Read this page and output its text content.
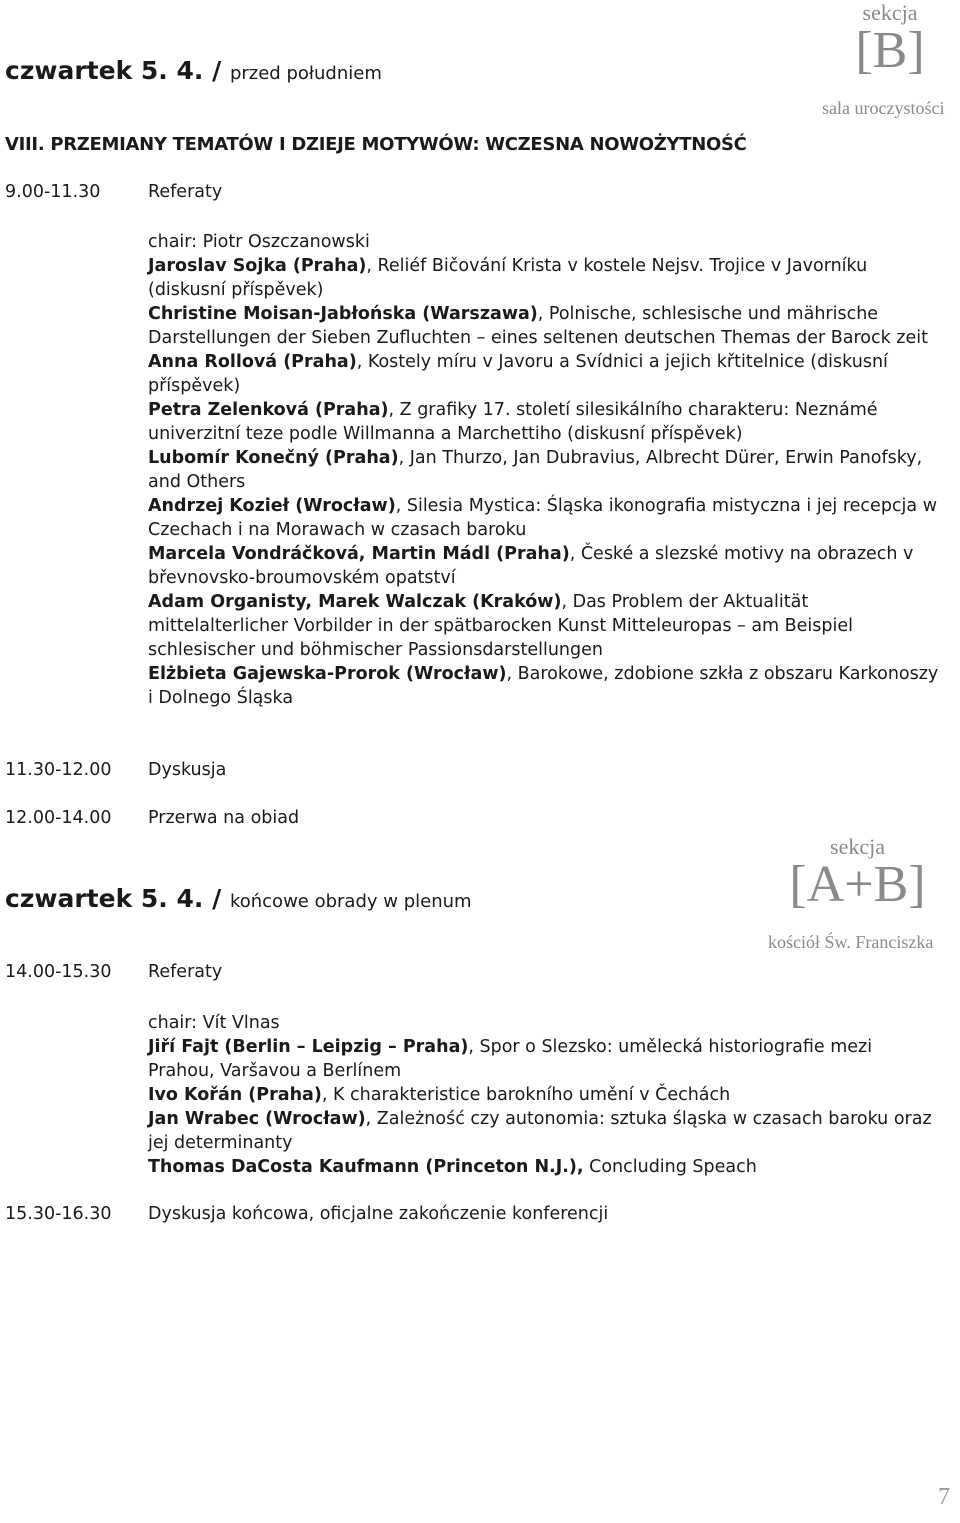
czwartek 5. 4. / przed południem
sekcja
[B]
sala uroczystości
VIII. PRZEMIANY TEMATÓW I DZIEJE MOTYWÓW: WCZESNA NOWOŻYTNOŚĆ
9.00-11.30	Referaty

chair: Piotr Oszczanowski

Jaroslav Sojka (Praha), Reliéf Bičování Krista v kostele Nejsv. Trojice v Javorníku (diskusní příspěvek)

Christine Moisan-Jabłońska (Warszawa), Polnische, schlesische und mährische Darstellungen der Sieben Zufluchten – eines seltenen deutschen Themas der Barock zeit

Anna Rollová (Praha), Kostely míru v Javoru a Svídnici a jejich křtitelnice (diskusní příspěvek)

Petra Zelenková (Praha), Z grafiky 17. století silesikálního charakteru: Neznámé univerzitní teze podle Willmanna a Marchettiho (diskusní příspěvek)

Lubomír Konečný (Praha), Jan Thurzo, Jan Dubravius, Albrecht Dürer, Erwin Panofsky, and Others

Andrzej Kozieł (Wrocław), Silesia Mystica: Śląska ikonografia mistyczna i jej recepcja w Czechach i na Morawach w czasach baroku

Marcela Vondráčková, Martin Mádl (Praha), České a slezské motivy na obrazech v břevnovsko-broumovském opatství

Adam Organisty, Marek Walczak (Kraków), Das Problem der Aktualität mittelalterlicher Vorbilder in der spätbarocken Kunst Mitteleuropas – am Beispiel schlesischer und böhmischer Passionsdarstellungen

Elżbieta Gajewska-Prorok (Wrocław), Barokowe, zdobione szkła z obszaru Karkonoszy i Dolnego Śląska

11.30-12.00	Dyskusja
12.00-14.00	Przerwa na obiad
czwartek 5. 4. / końcowe obrady w plenum
sekcja
[A+B]
kościół Św. Franciszka
14.00-15.30	Referaty

chair: Vít Vlnas

Jiří Fajt (Berlin – Leipzig – Praha), Spor o Slezsko: umělecká historiografie mezi Prahou, Varšavou a Berlínem

Ivo Kořán (Praha), K charakteristice barokního umění v Čechách

Jan Wrabec (Wrocław), Zależność czy autonomia: sztuka śląska w czasach baroku oraz jej determinanty

Thomas DaCosta Kaufmann (Princeton N.J.), Concluding Speach

15.30-16.30	Dyskusja końcowa, oficjalne zakończenie konferencji
7
